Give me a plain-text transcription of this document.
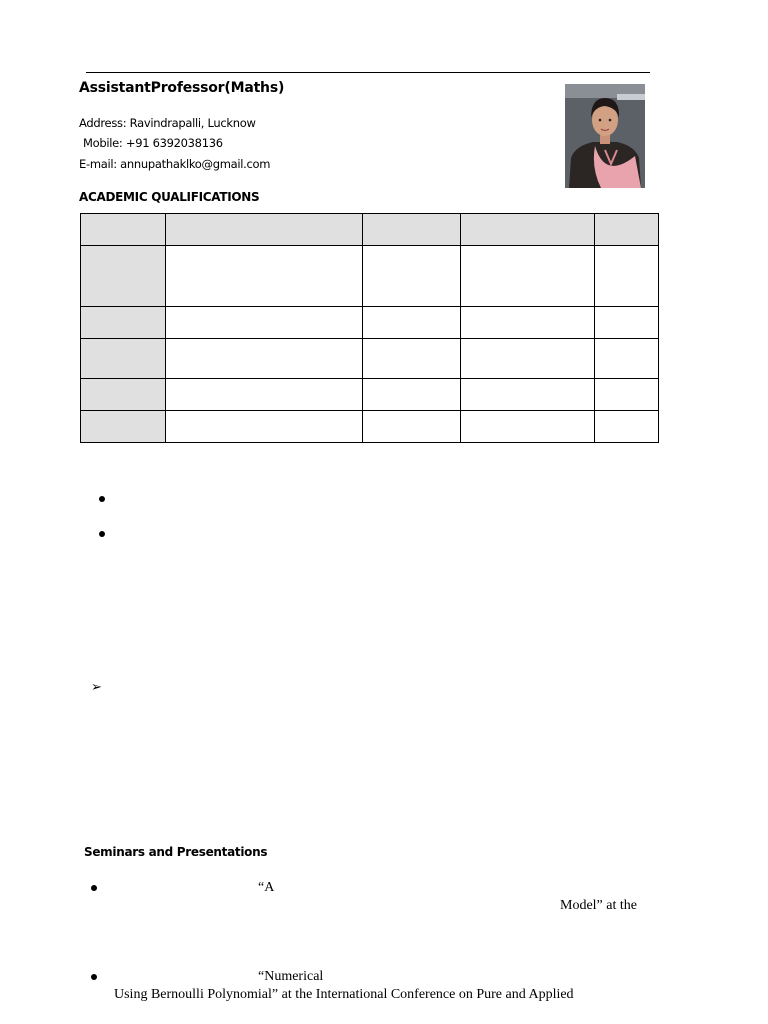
AssistantProfessor(Maths)
Address: Ravindrapalli, Lucknow
Mobile: +91 6392038136
E-mail: annupathaklko@gmail.com
ACADEMIC QUALIFICATIONS

➢
Seminars and Presentations
“A
Model” at the
“Numerical
Using Bernoulli Polynomial” at the International Conference on Pure and Applied
